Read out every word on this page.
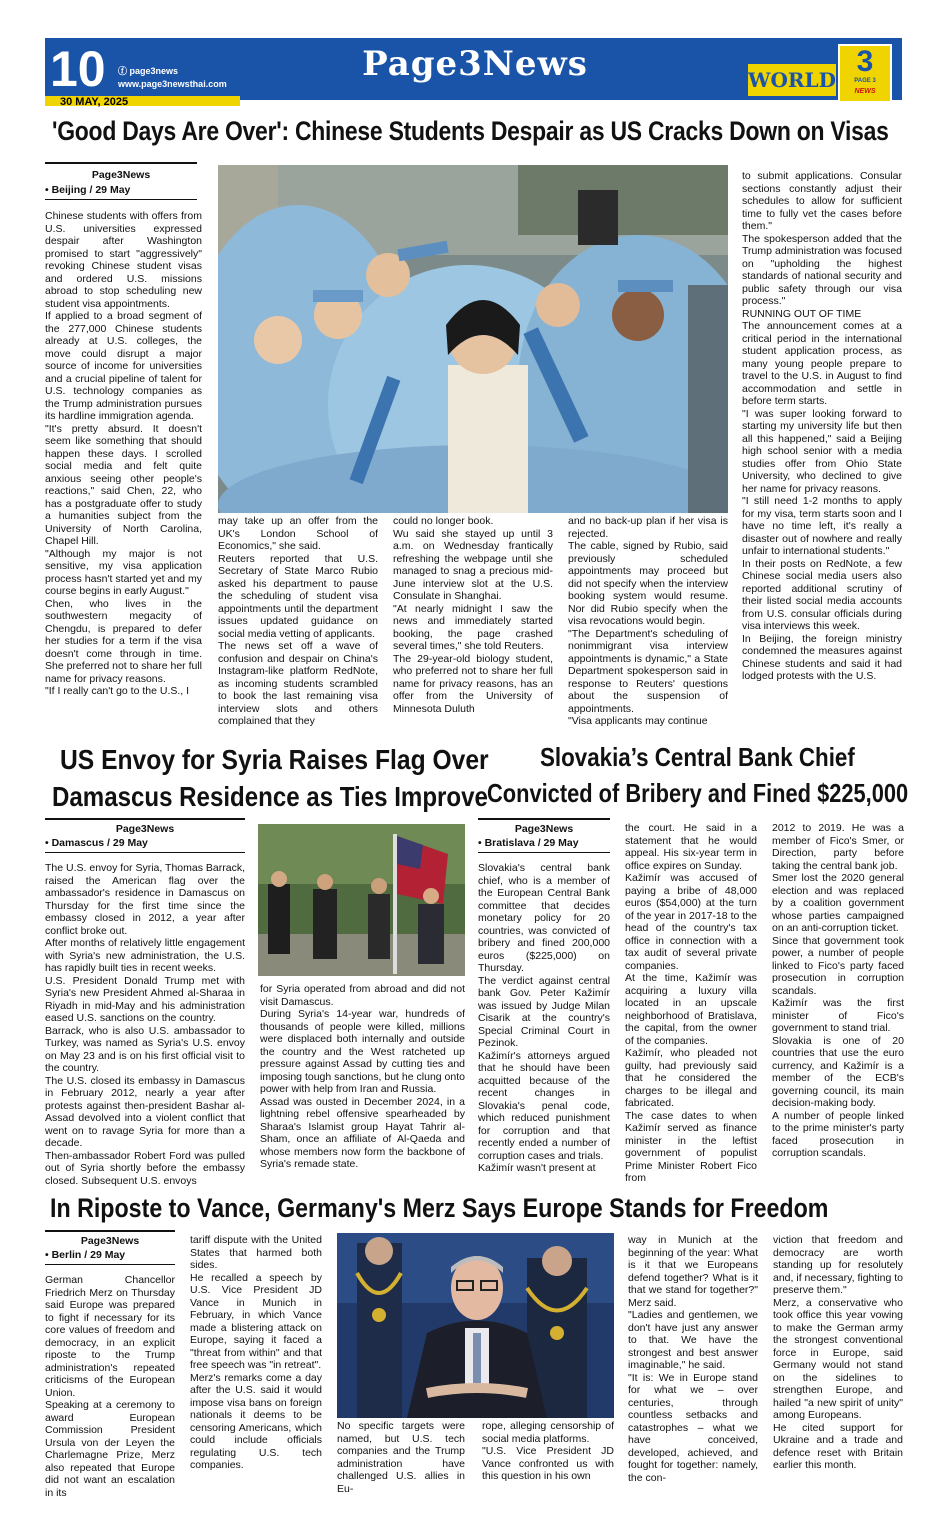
10 ⓕ page3news
www.page3newsthai.com
30 MAY, 2025
Page3News	WORLD
3
PAGE 3
NEWS
'Good Days Are Over': Chinese Students Despair as US Cracks Down on Visas
Page3News
• Beijing / 29 May

Chinese students with offers from U.S. universities expressed despair after Washington promised to start "aggressively" revoking Chinese student visas and ordered U.S. missions abroad to stop scheduling new student visa appointments.
If applied to a broad segment of the 277,000 Chinese students already at U.S. colleges, the move could disrupt a major source of income for universities and a crucial pipeline of talent for U.S. technology companies as the Trump administration pursues its hardline immigration agenda.
"It's pretty absurd. It doesn't seem like something that should happen these days. I scrolled social media and felt quite anxious seeing other people's reactions," said Chen, 22, who has a postgraduate offer to study a humanities subject from the University of North Carolina, Chapel Hill.
"Although my major is not sensitive, my visa application process hasn't started yet and my course begins in early August."
Chen, who lives in the southwestern megacity of Chengdu, is prepared to defer her studies for a term if the visa doesn't come through in time. She preferred not to share her full name for privacy reasons.
"If I really can't go to the U.S., I

may take up an offer from the UK's London School of Economics," she said.
Reuters reported that U.S. Secretary of State Marco Rubio asked his department to pause the scheduling of student visa appointments until the department issues updated guidance on social media vetting of applicants.
The news set off a wave of confusion and despair on China's Instagram-like platform RedNote, as incoming students scrambled to book the last remaining visa interview slots and others complained that they

could no longer book.
Wu said she stayed up until 3 a.m. on Wednesday frantically refreshing the webpage until she managed to snag a precious mid-June interview slot at the U.S. Consulate in Shanghai.
"At nearly midnight I saw the news and immediately started booking, the page crashed several times," she told Reuters.
The 29-year-old biology student, who preferred not to share her full name for privacy reasons, has an offer from the University of Minnesota Duluth

and no back-up plan if her visa is rejected.
The cable, signed by Rubio, said previously scheduled appointments may proceed but did not specify when the interview booking system would resume. Nor did Rubio specify when the visa revocations would begin.
"The Department's scheduling of nonimmigrant visa interview appointments is dynamic," a State Department spokesperson said in response to Reuters' questions about the suspension of appointments.
"Visa applicants may continue

to submit applications. Consular sections constantly adjust their schedules to allow for sufficient time to fully vet the cases before them."
The spokesperson added that the Trump administration was focused on "upholding the highest standards of national security and public safety through our visa process."
RUNNING OUT OF TIME
The announcement comes at a critical period in the international student application process, as many young people prepare to travel to the U.S. in August to find accommodation and settle in before term starts.
"I was super looking forward to starting my university life but then all this happened," said a Beijing high school senior with a media studies offer from Ohio State University, who declined to give her name for privacy reasons.
"I still need 1-2 months to apply for my visa, term starts soon and I have no time left, it's really a disaster out of nowhere and really unfair to international students."
In their posts on RedNote, a few Chinese social media users also reported additional scrutiny of their listed social media accounts from U.S. consular officials during visa interviews this week.
In Beijing, the foreign ministry condemned the measures against Chinese students and said it had lodged protests with the U.S.

US Envoy for Syria Raises Flag Over
Damascus Residence as Ties Improve
Page3News
• Damascus / 29 May

The U.S. envoy for Syria, Thomas Barrack, raised the American flag over the ambassador's residence in Damascus on Thursday for the first time since the embassy closed in 2012, a year after conflict broke out.
After months of relatively little engagement with Syria's new administration, the U.S. has rapidly built ties in recent weeks.
U.S. President Donald Trump met with Syria's new President Ahmed al-Sharaa in Riyadh in mid-May and his administration eased U.S. sanctions on the country.
Barrack, who is also U.S. ambassador to Turkey, was named as Syria's U.S. envoy on May 23 and is on his first official visit to the country.
The U.S. closed its embassy in Damascus in February 2012, nearly a year after protests against then-president Bashar al-Assad devolved into a violent conflict that went on to ravage Syria for more than a decade.
Then-ambassador Robert Ford was pulled out of Syria shortly before the embassy closed. Subsequent U.S. envoys

for Syria operated from abroad and did not visit Damascus.
During Syria's 14-year war, hundreds of thousands of people were killed, millions were displaced both internally and outside the country and the West ratcheted up pressure against Assad by cutting ties and imposing tough sanctions, but he clung onto power with help from Iran and Russia.
Assad was ousted in December 2024, in a lightning rebel offensive spearheaded by Sharaa's Islamist group Hayat Tahrir al-Sham, once an affiliate of Al-Qaeda and whose members now form the backbone of Syria's remade state.

Slovakia’s Central Bank Chief
Convicted of Bribery and Fined $225,000
Page3News
• Bratislava / 29 May

Slovakia's central bank chief, who is a member of the European Central Bank committee that decides monetary policy for 20 countries, was convicted of bribery and fined 200,000 euros ($225,000) on Thursday.
The verdict against central bank Gov. Peter Kažimír was issued by Judge Milan Cisarik at the country's Special Criminal Court in Pezinok.
Kažimír's attorneys argued that he should have been acquitted because of the recent changes in Slovakia's penal code, which reduced punishment for corruption and that recently ended a number of corruption cases and trials.
Kažimír wasn't present at

the court. He said in a statement that he would appeal. His six-year term in office expires on Sunday.
Kažimír was accused of paying a bribe of 48,000 euros ($54,000) at the turn of the year in 2017-18 to the head of the country's tax office in connection with a tax audit of several private companies.
At the time, Kažimír was acquiring a luxury villa located in an upscale neighborhood of Bratislava, the capital, from the owner of the companies.
Kažimír, who pleaded not guilty, had previously said that he considered the charges to be illegal and fabricated.
The case dates to when Kažimír served as finance minister in the leftist government of populist Prime Minister Robert Fico from

2012 to 2019. He was a member of Fico's Smer, or Direction, party before taking the central bank job.
Smer lost the 2020 general election and was replaced by a coalition government whose parties campaigned on an anti-corruption ticket.
Since that government took power, a number of people linked to Fico's party faced prosecution in corruption scandals.
Kažimír was the first minister of Fico's government to stand trial.
Slovakia is one of 20 countries that use the euro currency, and Kažimír is a member of the ECB's governing council, its main decision-making body.
A number of people linked to the prime minister's party faced prosecution in corruption scandals.

In Riposte to Vance, Germany's Merz Says Europe Stands for Freedom
Page3News
• Berlin / 29 May

German Chancellor Friedrich Merz on Thursday said Europe was prepared to fight if necessary for its core values of freedom and democracy, in an explicit riposte to the Trump administration's repeated criticisms of the European Union.
Speaking at a ceremony to award European Commission President Ursula von der Leyen the Charlemagne Prize, Merz also repeated that Europe did not want an escalation in its

tariff dispute with the United States that harmed both sides.
He recalled a speech by U.S. Vice President JD Vance in Munich in February, in which Vance made a blistering attack on Europe, saying it faced a "threat from within" and that free speech was "in retreat".
Merz's remarks come a day after the U.S. said it would impose visa bans on foreign nationals it deems to be censoring Americans, which could include officials regulating U.S. tech companies.

No specific targets were named, but U.S. tech companies and the Trump administration have challenged U.S. allies in Eu-

rope, alleging censorship of social media platforms.
"U.S. Vice President JD Vance confronted us with this question in his own

way in Munich at the beginning of the year: What is it that we Europeans defend together? What is it that we stand for together?" Merz said.
"Ladies and gentlemen, we don't have just any answer to that. We have the strongest and best answer imaginable," he said.
"It is: We in Europe stand for what we – over centuries, through countless setbacks and catastrophes – what we have conceived, developed, achieved, and fought for together: namely, the con-

viction that freedom and democracy are worth standing up for resolutely and, if necessary, fighting to preserve them."
Merz, a conservative who took office this year vowing to make the German army the strongest conventional force in Europe, said Germany would not stand on the sidelines to strengthen Europe, and hailed "a new spirit of unity" among Europeans.
He cited support for Ukraine and a trade and defence reset with Britain earlier this month.
